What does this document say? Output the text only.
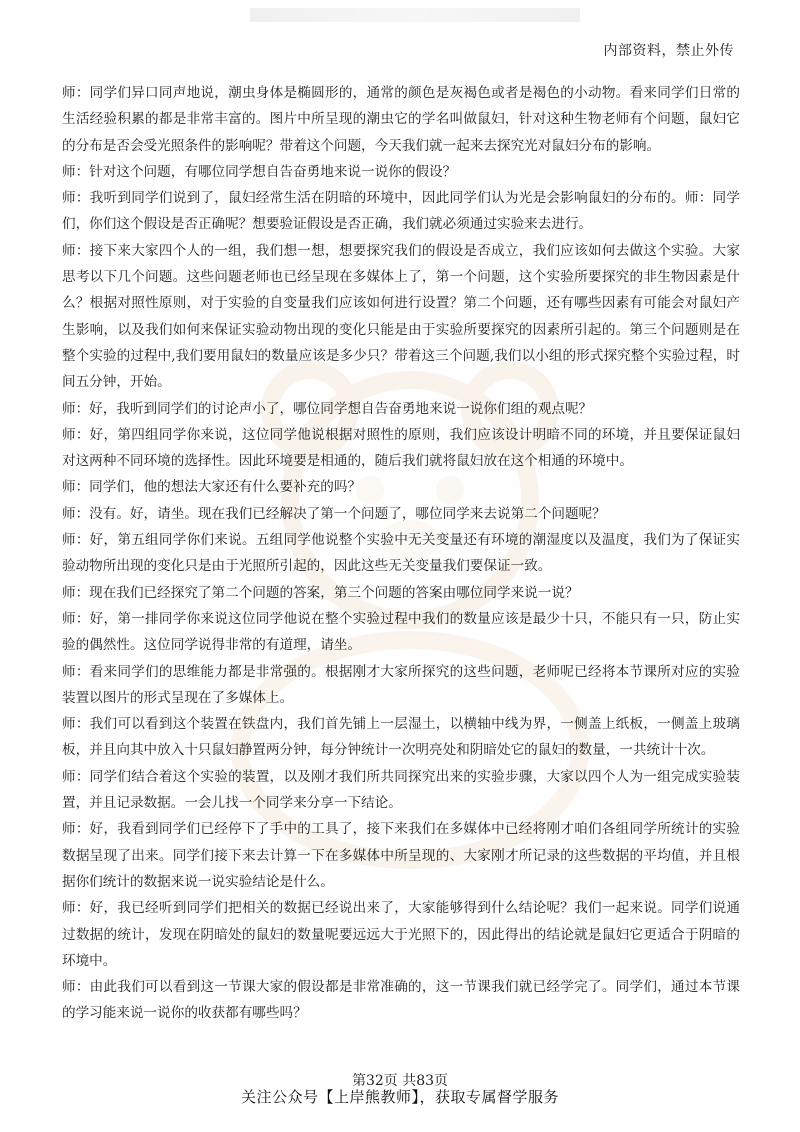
内部资料，禁止外传

师：同学们异口同声地说，潮虫身体是椭圆形的，通常的颜色是灰褐色或者是褐色的小动物。看来同学们日常的生活经验积累的都是非常丰富的。图片中所呈现的潮虫它的学名叫做鼠妇，针对这种生物老师有个问题，鼠妇它的分布是否会受光照条件的影响呢？带着这个问题，今天我们就一起来去探究光对鼠妇分布的影响。

师：针对这个问题，有哪位同学想自告奋勇地来说一说你的假设？

师：我听到同学们说到了，鼠妇经常生活在阴暗的环境中，因此同学们认为光是会影响鼠妇的分布的。师：同学们，你们这个假设是否正确呢？想要验证假设是否正确，我们就必须通过实验来去进行。

师：接下来大家四个人的一组，我们想一想，想要探究我们的假设是否成立，我们应该如何去做这个实验。大家思考以下几个问题。这些问题老师也已经呈现在多媒体上了，第一个问题，这个实验所要探究的非生物因素是什么？根据对照性原则，对于实验的自变量我们应该如何进行设置？第二个问题，还有哪些因素有可能会对鼠妇产生影响，以及我们如何来保证实验动物出现的变化只能是由于实验所要探究的因素所引起的。第三个问题则是在整个实验的过程中,我们要用鼠妇的数量应该是多少只？带着这三个问题,我们以小组的形式探究整个实验过程，时间五分钟，开始。

师：好，我听到同学们的讨论声小了，哪位同学想自告奋勇地来说一说你们组的观点呢？

师：好，第四组同学你来说，这位同学他说根据对照性的原则，我们应该设计明暗不同的环境，并且要保证鼠妇对这两种不同环境的选择性。因此环境要是相通的，随后我们就将鼠妇放在这个相通的环境中。

师：同学们，他的想法大家还有什么要补充的吗？

师：没有。好，请坐。现在我们已经解决了第一个问题了，哪位同学来去说第二个问题呢？

师：好，第五组同学你们来说。五组同学他说整个实验中无关变量还有环境的潮湿度以及温度，我们为了保证实验动物所出现的变化只是由于光照所引起的，因此这些无关变量我们要保证一致。

师：现在我们已经探究了第二个问题的答案，第三个问题的答案由哪位同学来说一说？

师：好，第一排同学你来说这位同学他说在整个实验过程中我们的数量应该是最少十只，不能只有一只，防止实验的偶然性。这位同学说得非常的有道理，请坐。

师：看来同学们的思维能力都是非常强的。根据刚才大家所探究的这些问题，老师呢已经将本节课所对应的实验装置以图片的形式呈现在了多媒体上。

师：我们可以看到这个装置在铁盘内，我们首先铺上一层湿土，以横轴中线为界，一侧盖上纸板，一侧盖上玻璃板，并且向其中放入十只鼠妇静置两分钟，每分钟统计一次明亮处和阴暗处它的鼠妇的数量，一共统计十次。

师：同学们结合着这个实验的装置，以及刚才我们所共同探究出来的实验步骤，大家以四个人为一组完成实验装置，并且记录数据。一会儿找一个同学来分享一下结论。

师：好，我看到同学们已经停下了手中的工具了，接下来我们在多媒体中已经将刚才咱们各组同学所统计的实验数据呈现了出来。同学们接下来去计算一下在多媒体中所呈现的、大家刚才所记录的这些数据的平均值，并且根据你们统计的数据来说一说实验结论是什么。

师：好，我已经听到同学们把相关的数据已经说出来了，大家能够得到什么结论呢？我们一起来说。同学们说通过数据的统计，发现在阴暗处的鼠妇的数量呢要远远大于光照下的，因此得出的结论就是鼠妇它更适合于阴暗的环境中。

师：由此我们可以看到这一节课大家的假设都是非常准确的，这一节课我们就已经学完了。同学们，通过本节课的学习能来说一说你的收获都有哪些吗？

第32页 共83页
关注公众号【上岸熊教师】，获取专属督学服务
